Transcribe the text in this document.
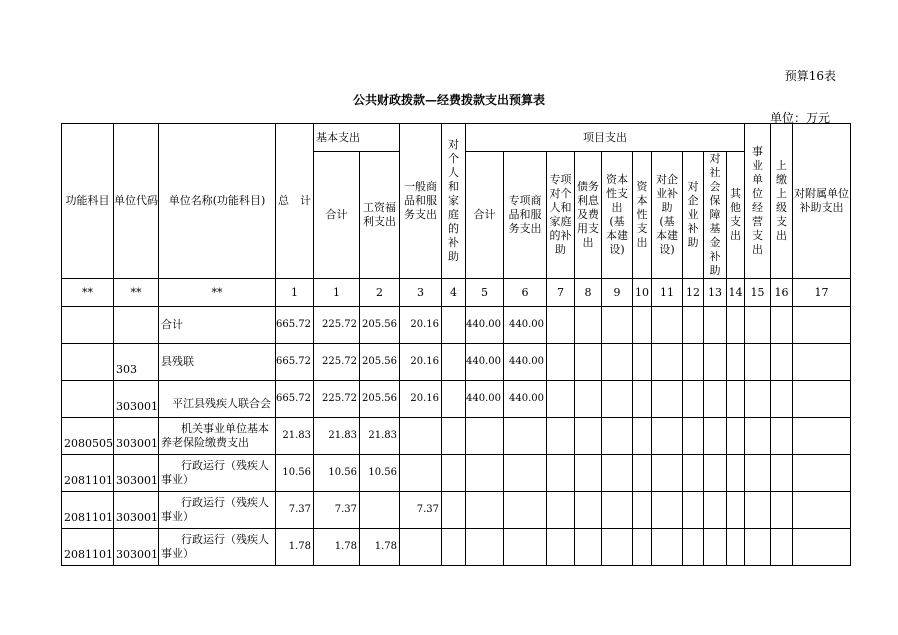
预算16表
公共财政拨款—经费拨款支出预算表
单位：万元
功能科目	单位代码	单位名称(功能科目)	总　计	基本支出		一般商品和服务支出	对个人和家庭的补助	项目支出										事业单位经营支出	上缴上级支出	对附属单位补助支出
				合计	工资福利支出			合计	专项商品和服务支出	专项对个人和家庭的补助	债务利息及费用支出	资本性支出(基本建设)	资本性支出	对企业补助(基本建设)	对企业补助	对社会保障基金补助	其他支出			
**	**	**	1	1	2	3	4	5	6	7	8	9	10	11	12	13	14	15	16	17

		合计	665.72	225.72	205.56	20.16		440.00	440.00											
	303	县残联	665.72	225.72	205.56	20.16		440.00	440.00											
	303001	平江县残疾人联合会	665.72	225.72	205.56	20.16		440.00	440.00											
2080505	303001	机关事业单位基本
养老保险缴费支出	21.83	21.83	21.83															
2081101	303001	行政运行（残疾人
事业）	10.56	10.56	10.56															
2081101	303001	行政运行（残疾人
事业）	7.37	7.37		7.37														
2081101	303001	行政运行（残疾人
事业）	1.78	1.78	1.78															
